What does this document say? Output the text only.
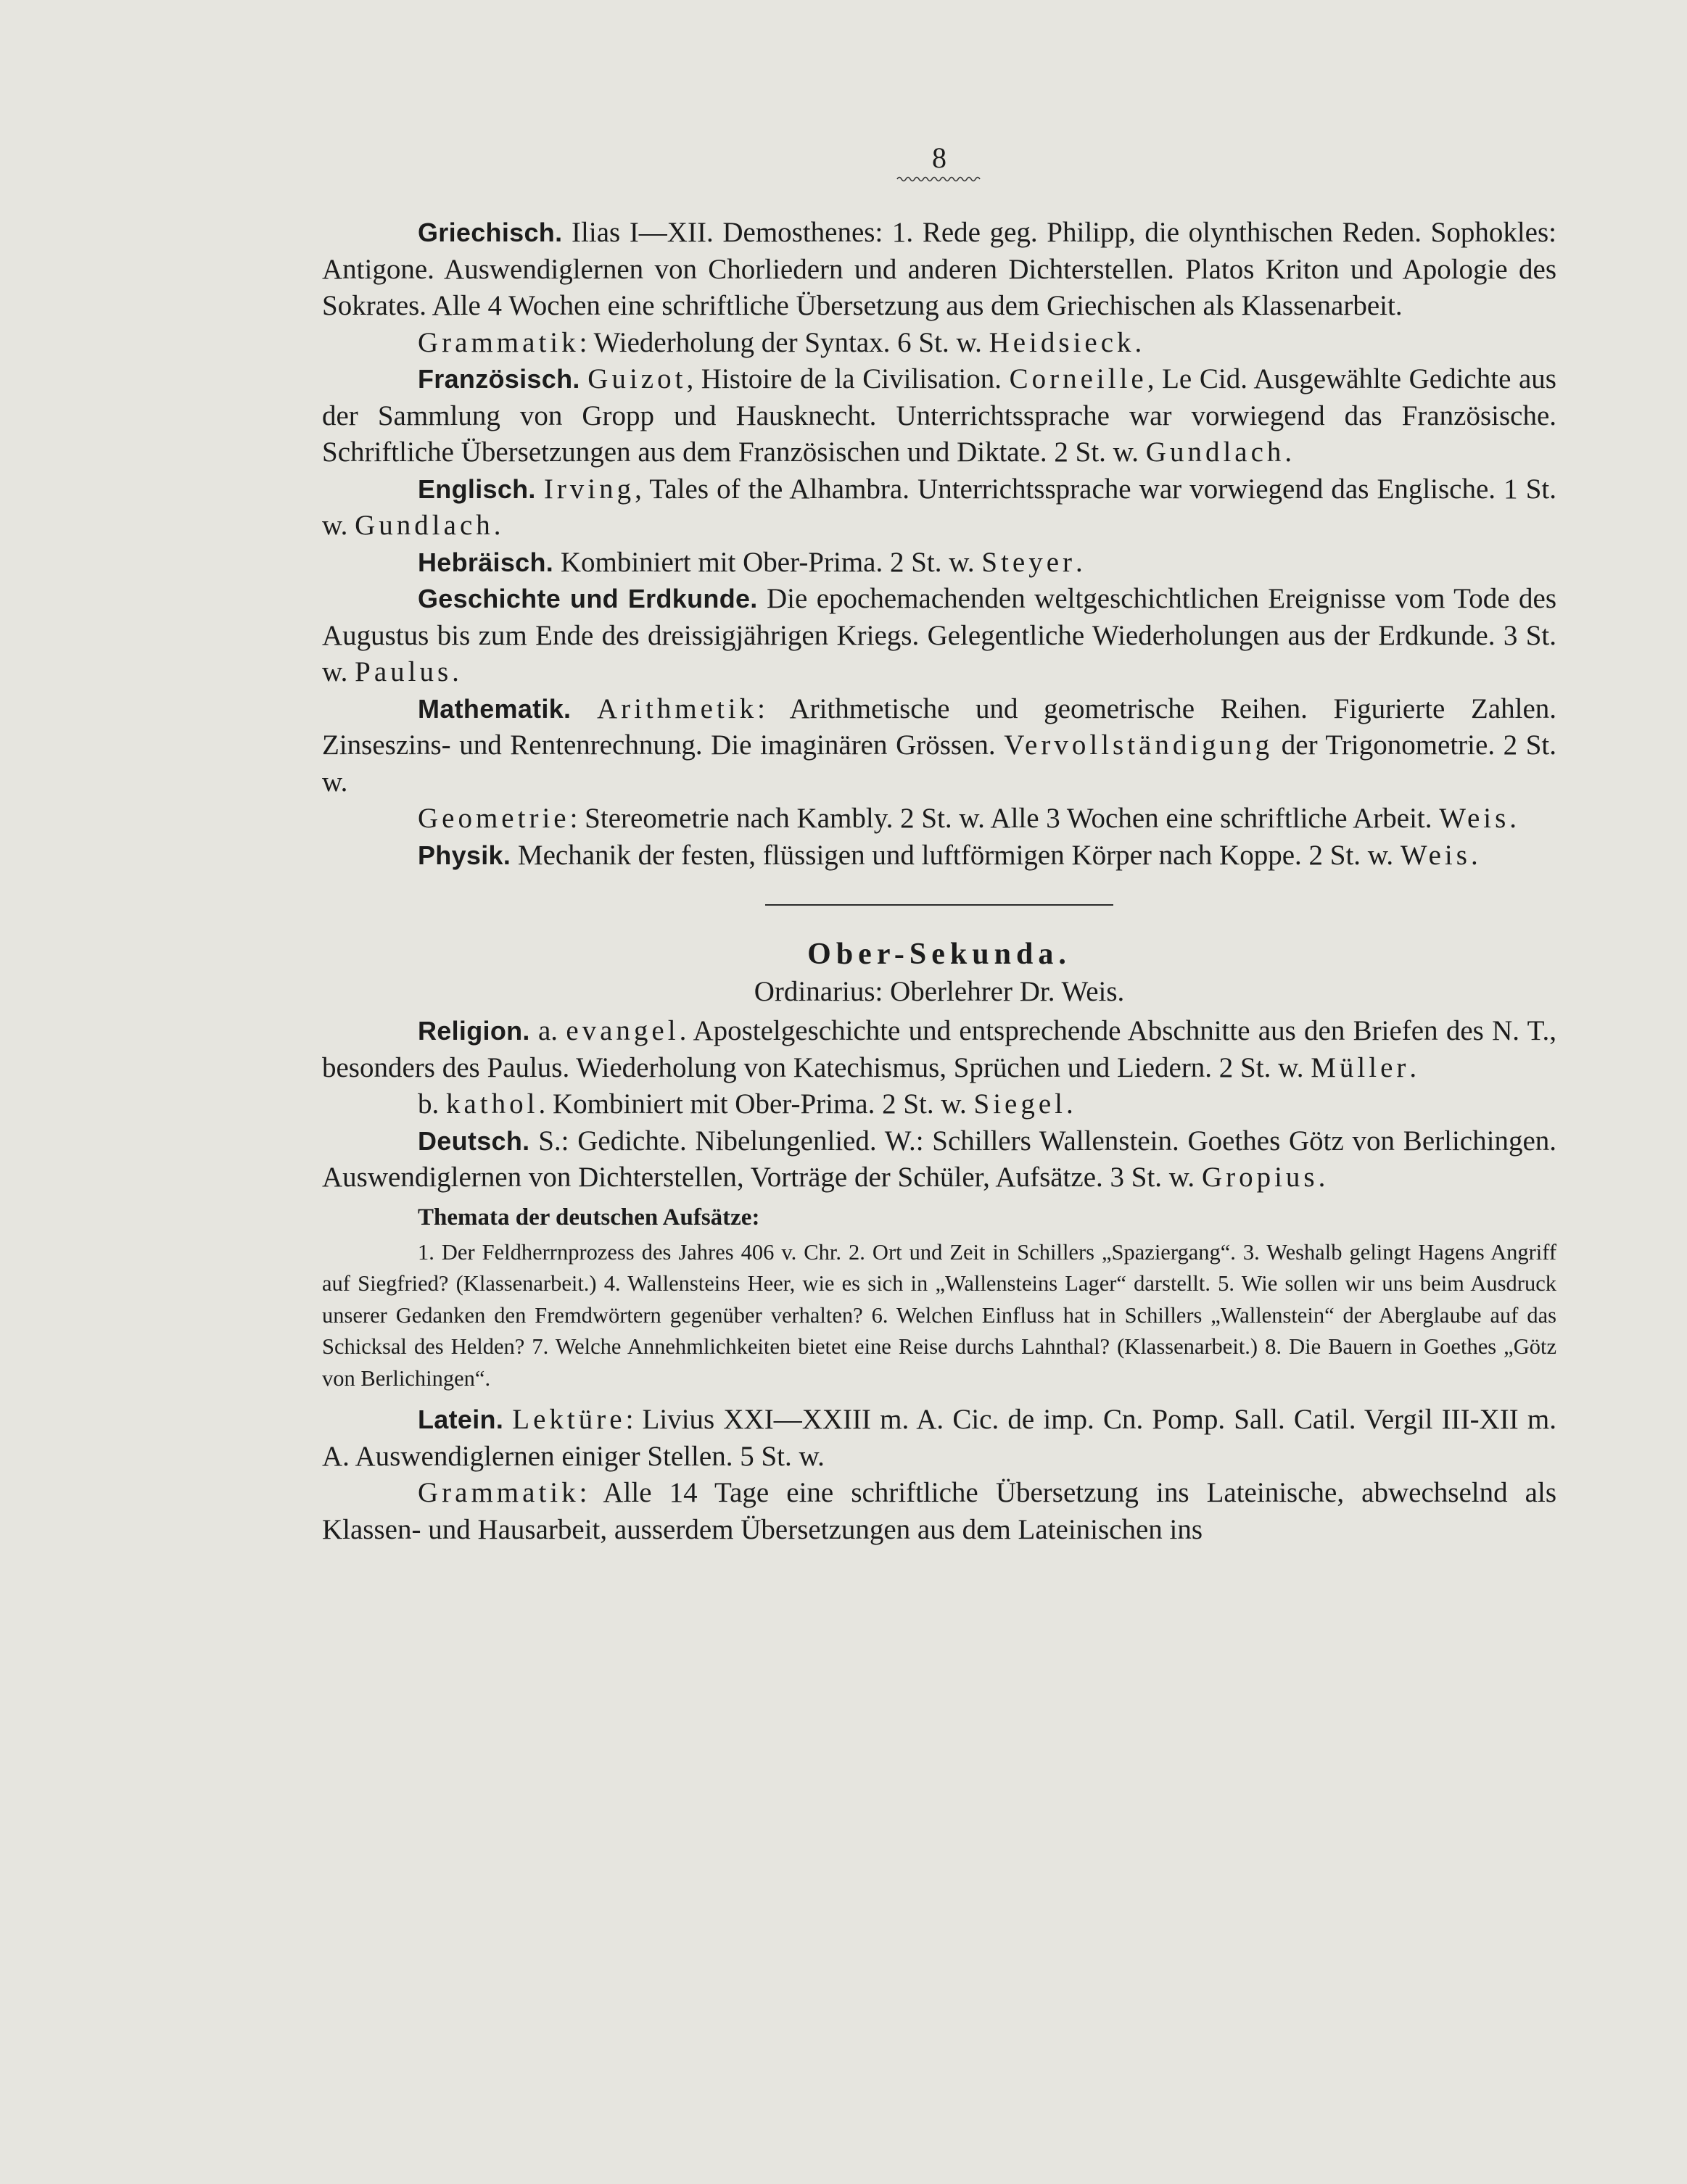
8

Griechisch. Ilias I—XII. Demosthenes: 1. Rede geg. Philipp, die olynthischen Reden. Sophokles: Antigone. Auswendiglernen von Chorliedern und anderen Dichterstellen. Platos Kriton und Apologie des Sokrates. Alle 4 Wochen eine schriftliche Übersetzung aus dem Griechischen als Klassenarbeit.

Grammatik: Wiederholung der Syntax. 6 St. w. Heidsieck.

Französisch. Guizot, Histoire de la Civilisation. Corneille, Le Cid. Ausgewählte Gedichte aus der Sammlung von Gropp und Hausknecht. Unterrichtssprache war vorwiegend das Französische. Schriftliche Übersetzungen aus dem Französischen und Diktate. 2 St. w. Gundlach.

Englisch. Irving, Tales of the Alhambra. Unterrichtssprache war vorwiegend das Englische. 1 St. w. Gundlach.

Hebräisch. Kombiniert mit Ober-Prima. 2 St. w. Steyer.

Geschichte und Erdkunde. Die epochemachenden weltgeschichtlichen Ereignisse vom Tode des Augustus bis zum Ende des dreissigjährigen Kriegs. Gelegentliche Wiederholungen aus der Erdkunde. 3 St. w. Paulus.

Mathematik. Arithmetik: Arithmetische und geometrische Reihen. Figurierte Zahlen. Zinseszins- und Rentenrechnung. Die imaginären Grössen. Vervollständigung der Trigonometrie. 2 St. w.

Geometrie: Stereometrie nach Kambly. 2 St. w. Alle 3 Wochen eine schriftliche Arbeit. Weis.

Physik. Mechanik der festen, flüssigen und luftförmigen Körper nach Koppe. 2 St. w. Weis.

Ober-Sekunda.

Ordinarius: Oberlehrer Dr. Weis.

Religion. a. evangel. Apostelgeschichte und entsprechende Abschnitte aus den Briefen des N. T., besonders des Paulus. Wiederholung von Katechismus, Sprüchen und Liedern. 2 St. w. Müller.

b. kathol. Kombiniert mit Ober-Prima. 2 St. w. Siegel.

Deutsch. S.: Gedichte. Nibelungenlied. W.: Schillers Wallenstein. Goethes Götz von Berlichingen. Auswendiglernen von Dichterstellen, Vorträge der Schüler, Aufsätze. 3 St. w. Gropius.

Themata der deutschen Aufsätze:

1. Der Feldherrnprozess des Jahres 406 v. Chr. 2. Ort und Zeit in Schillers „Spaziergang“. 3. Weshalb gelingt Hagens Angriff auf Siegfried? (Klassenarbeit.) 4. Wallensteins Heer, wie es sich in „Wallensteins Lager“ darstellt. 5. Wie sollen wir uns beim Ausdruck unserer Gedanken den Fremdwörtern gegenüber verhalten? 6. Welchen Einfluss hat in Schillers „Wallenstein“ der Aberglaube auf das Schicksal des Helden? 7. Welche Annehmlichkeiten bietet eine Reise durchs Lahnthal? (Klassenarbeit.) 8. Die Bauern in Goethes „Götz von Berlichingen“.

Latein. Lektüre: Livius XXI—XXIII m. A. Cic. de imp. Cn. Pomp. Sall. Catil. Vergil III-XII m. A. Auswendiglernen einiger Stellen. 5 St. w.

Grammatik: Alle 14 Tage eine schriftliche Übersetzung ins Lateinische, abwechselnd als Klassen- und Hausarbeit, ausserdem Übersetzungen aus dem Lateinischen ins
